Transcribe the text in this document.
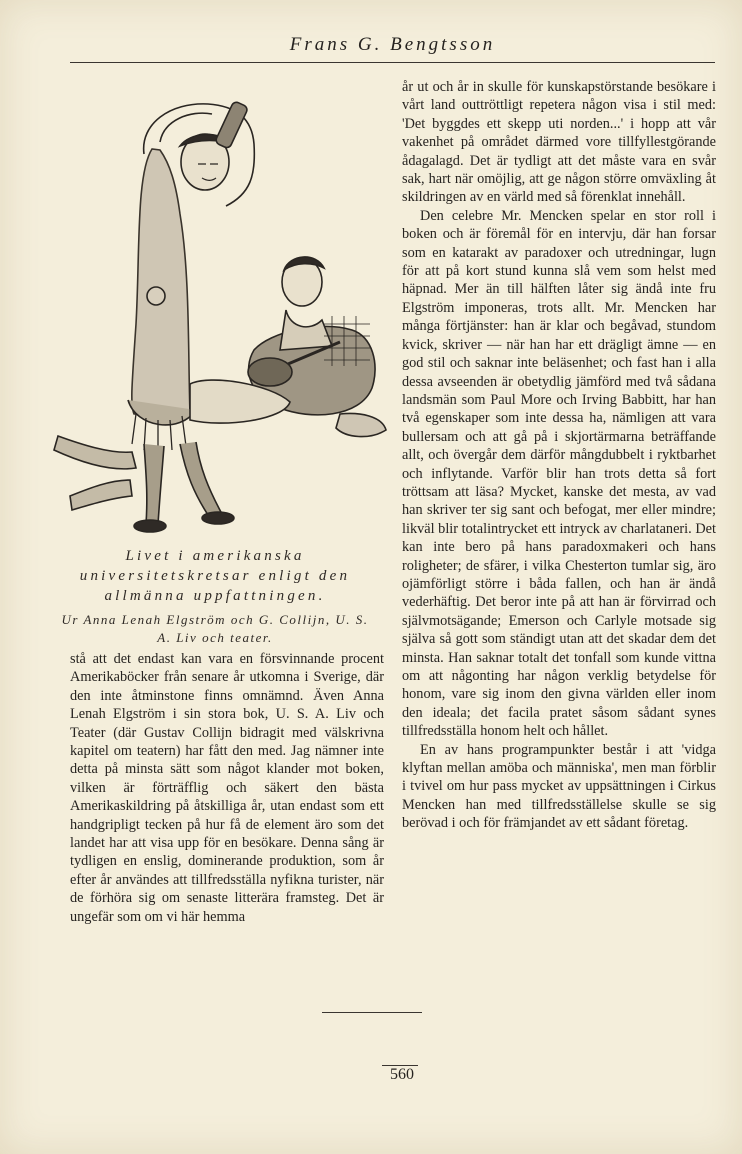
Frans G. Bengtsson

Livet i amerikanska universitetskretsar enligt den allmänna uppfattningen.

Ur Anna Lenah Elgström och G. Collijn, U. S. A. Liv och teater.

stå att det endast kan vara en försvinnande procent Amerikaböcker från senare år utkomna i Sverige, där den inte åtminstone finns omnämnd. Även Anna Lenah Elgström i sin stora bok, U. S. A. Liv och Teater (där Gustav Collijn bidragit med välskrivna kapitel om teatern) har fått den med. Jag nämner inte detta på minsta sätt som något klander mot boken, vilken är förträfflig och säkert den bästa Amerikaskildring på åtskilliga år, utan endast som ett handgripligt tecken på hur få de element äro som det landet har att visa upp för en besökare. Denna sång är tydligen en enslig, dominerande produktion, som år efter år användes att tillfredsställa nyfikna turister, när de förhöra sig om senaste litterära framsteg. Det är ungefär som om vi här hemma

år ut och år in skulle för kunskapstörstande besökare i vårt land outtröttligt repetera någon visa i stil med: 'Det byggdes ett skepp uti norden...' i hopp att vår vakenhet på området därmed vore tillfyllestgörande ådagalagd. Det är tydligt att det måste vara en svår sak, hart när omöjlig, att ge någon större omväxling åt skildringen av en värld med så förenklat innehåll.

Den celebre Mr. Mencken spelar en stor roll i boken och är föremål för en intervju, där han forsar som en katarakt av paradoxer och utredningar, lugn för att på kort stund kunna slå vem som helst med häpnad. Mer än till hälften låter sig ändå inte fru Elgström imponeras, trots allt. Mr. Mencken har många förtjänster: han är klar och begåvad, stundom kvick, skriver — när han har ett drägligt ämne — en god stil och saknar inte beläsenhet; och fast han i alla dessa avseenden är obetydlig jämförd med två sådana landsmän som Paul More och Irving Babbitt, har han två egenskaper som inte dessa ha, nämligen att vara bullersam och att gå på i skjortärmarna beträffande allt, och övergår dem därför mångdubbelt i ryktbarhet och inflytande. Varför blir han trots detta så fort tröttsam att läsa? Mycket, kanske det mesta, av vad han skriver ter sig sant och befogat, mer eller mindre; likväl blir totalintrycket ett intryck av charlataneri. Det kan inte bero på hans paradoxmakeri och hans roligheter; de sfärer, i vilka Chesterton tumlar sig, äro ojämförligt större i båda fallen, och han är ändå vederhäftig. Det beror inte på att han är förvirrad och självmotsägande; Emerson och Carlyle motsade sig själva så gott som ständigt utan att det skadar dem det minsta. Han saknar totalt det tonfall som kunde vittna om att någonting har någon verklig betydelse för honom, vare sig inom den givna världen eller inom den ideala; det facila pratet såsom sådant synes tillfredsställa honom helt och hållet.

En av hans programpunkter består i att 'vidga klyftan mellan amöba och människa', men man förblir i tvivel om hur pass mycket av uppsättningen i Cirkus Mencken han med tillfredsställelse skulle se sig berövad i och för främjandet av ett sådant företag.

560
